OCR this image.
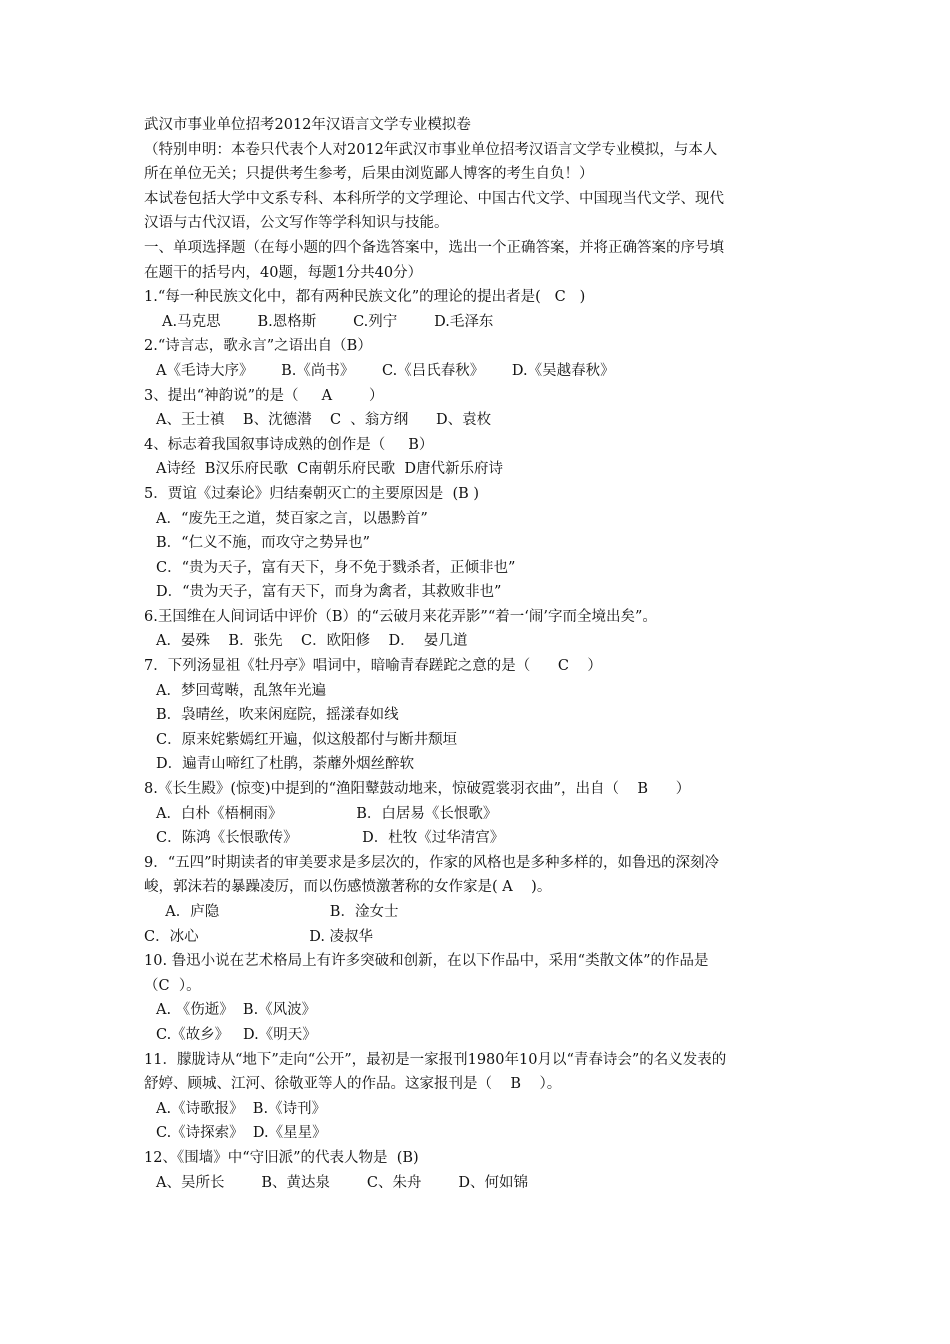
武汉市事业单位招考2012年汉语言文学专业模拟卷
（特别申明：本卷只代表个人对2012年武汉市事业单位招考汉语言文学专业模拟，与本人
所在单位无关；只提供考生参考，后果由浏览鄙人博客的考生自负！）
本试卷包括大学中文系专科、本科所学的文学理论、中国古代文学、中国现当代文学、现代
汉语与古代汉语，公文写作等学科知识与技能。
一、单项选择题（在每小题的四个备选答案中，选出一个正确答案，并将正确答案的序号填
在题干的括号内，40题，每题1分共40分）
1.“每一种民族文化中，都有两种民族文化”的理论的提出者是(   C   )
A.马克思        B.恩格斯        C.列宁        D.毛泽东
2.“诗言志，歌永言”之语出自（B）
A《毛诗大序》      B.《尚书》      C.《吕氏春秋》      D.《吴越春秋》
3、提出“神韵说”的是（     A        ）
A、王士禛    B、沈德潜    C  、翁方纲      D、袁枚
4、标志着我国叙事诗成熟的创作是（     B）
A诗经  B汉乐府民歌  C南朝乐府民歌  D唐代新乐府诗
5．贾谊《过秦论》归结秦朝灭亡的主要原因是  (B )
A．“废先王之道，焚百家之言，以愚黔首”
B．“仁义不施，而攻守之势异也”
C．“贵为天子，富有天下，身不免于戮杀者，正倾非也”
D．“贵为天子，富有天下，而身为禽者，其救败非也”
6.王国维在人间词话中评价（B）的“云破月来花弄影”“着一‘闹’字而全境出矣”。
A．晏殊    B．张先    C．欧阳修    D．  晏几道
7．下列汤显祖《牡丹亭》唱词中，暗喻青春蹉跎之意的是（      C    ）
A．梦回莺啭，乱煞年光遍
B．袅晴丝，吹来闲庭院，摇漾春如线
C．原来姹紫嫣红开遍，似这般都付与断井颓垣
D．遍青山啼红了杜鹃，荼蘼外烟丝醉软
8.《长生殿》(惊变)中提到的“渔阳鼙鼓动地来，惊破霓裳羽衣曲”，出自（    B      ）
A．白朴《梧桐雨》                B．白居易《长恨歌》
C．陈鸿《长恨歌传》              D．杜牧《过华清宫》
9．“五四”时期读者的审美要求是多层次的，作家的风格也是多种多样的，如鲁迅的深刻冷
峻，郭沫若的暴躁凌厉，而以伤感愤激著称的女作家是( A    )。
A．庐隐                        B．淦女士
C．冰心                        D. 凌叔华
10. 鲁迅小说在艺术格局上有许多突破和创新，在以下作品中，采用“类散文体”的作品是
（C  ）。
A. 《伤逝》  B.《风波》
C.《故乡》   D.《明天》
11．朦胧诗从“地下”走向“公开”，最初是一家报刊1980年10月以“青春诗会”的名义发表的
舒婷、顾城、江河、徐敬亚等人的作品。这家报刊是（    B    ）。
A.《诗歌报》  B.《诗刊》
C.《诗探索》  D.《星星》
12、《围墙》中“守旧派”的代表人物是  (B)
A、吴所长        B、黄达泉        C、朱舟        D、何如锦
